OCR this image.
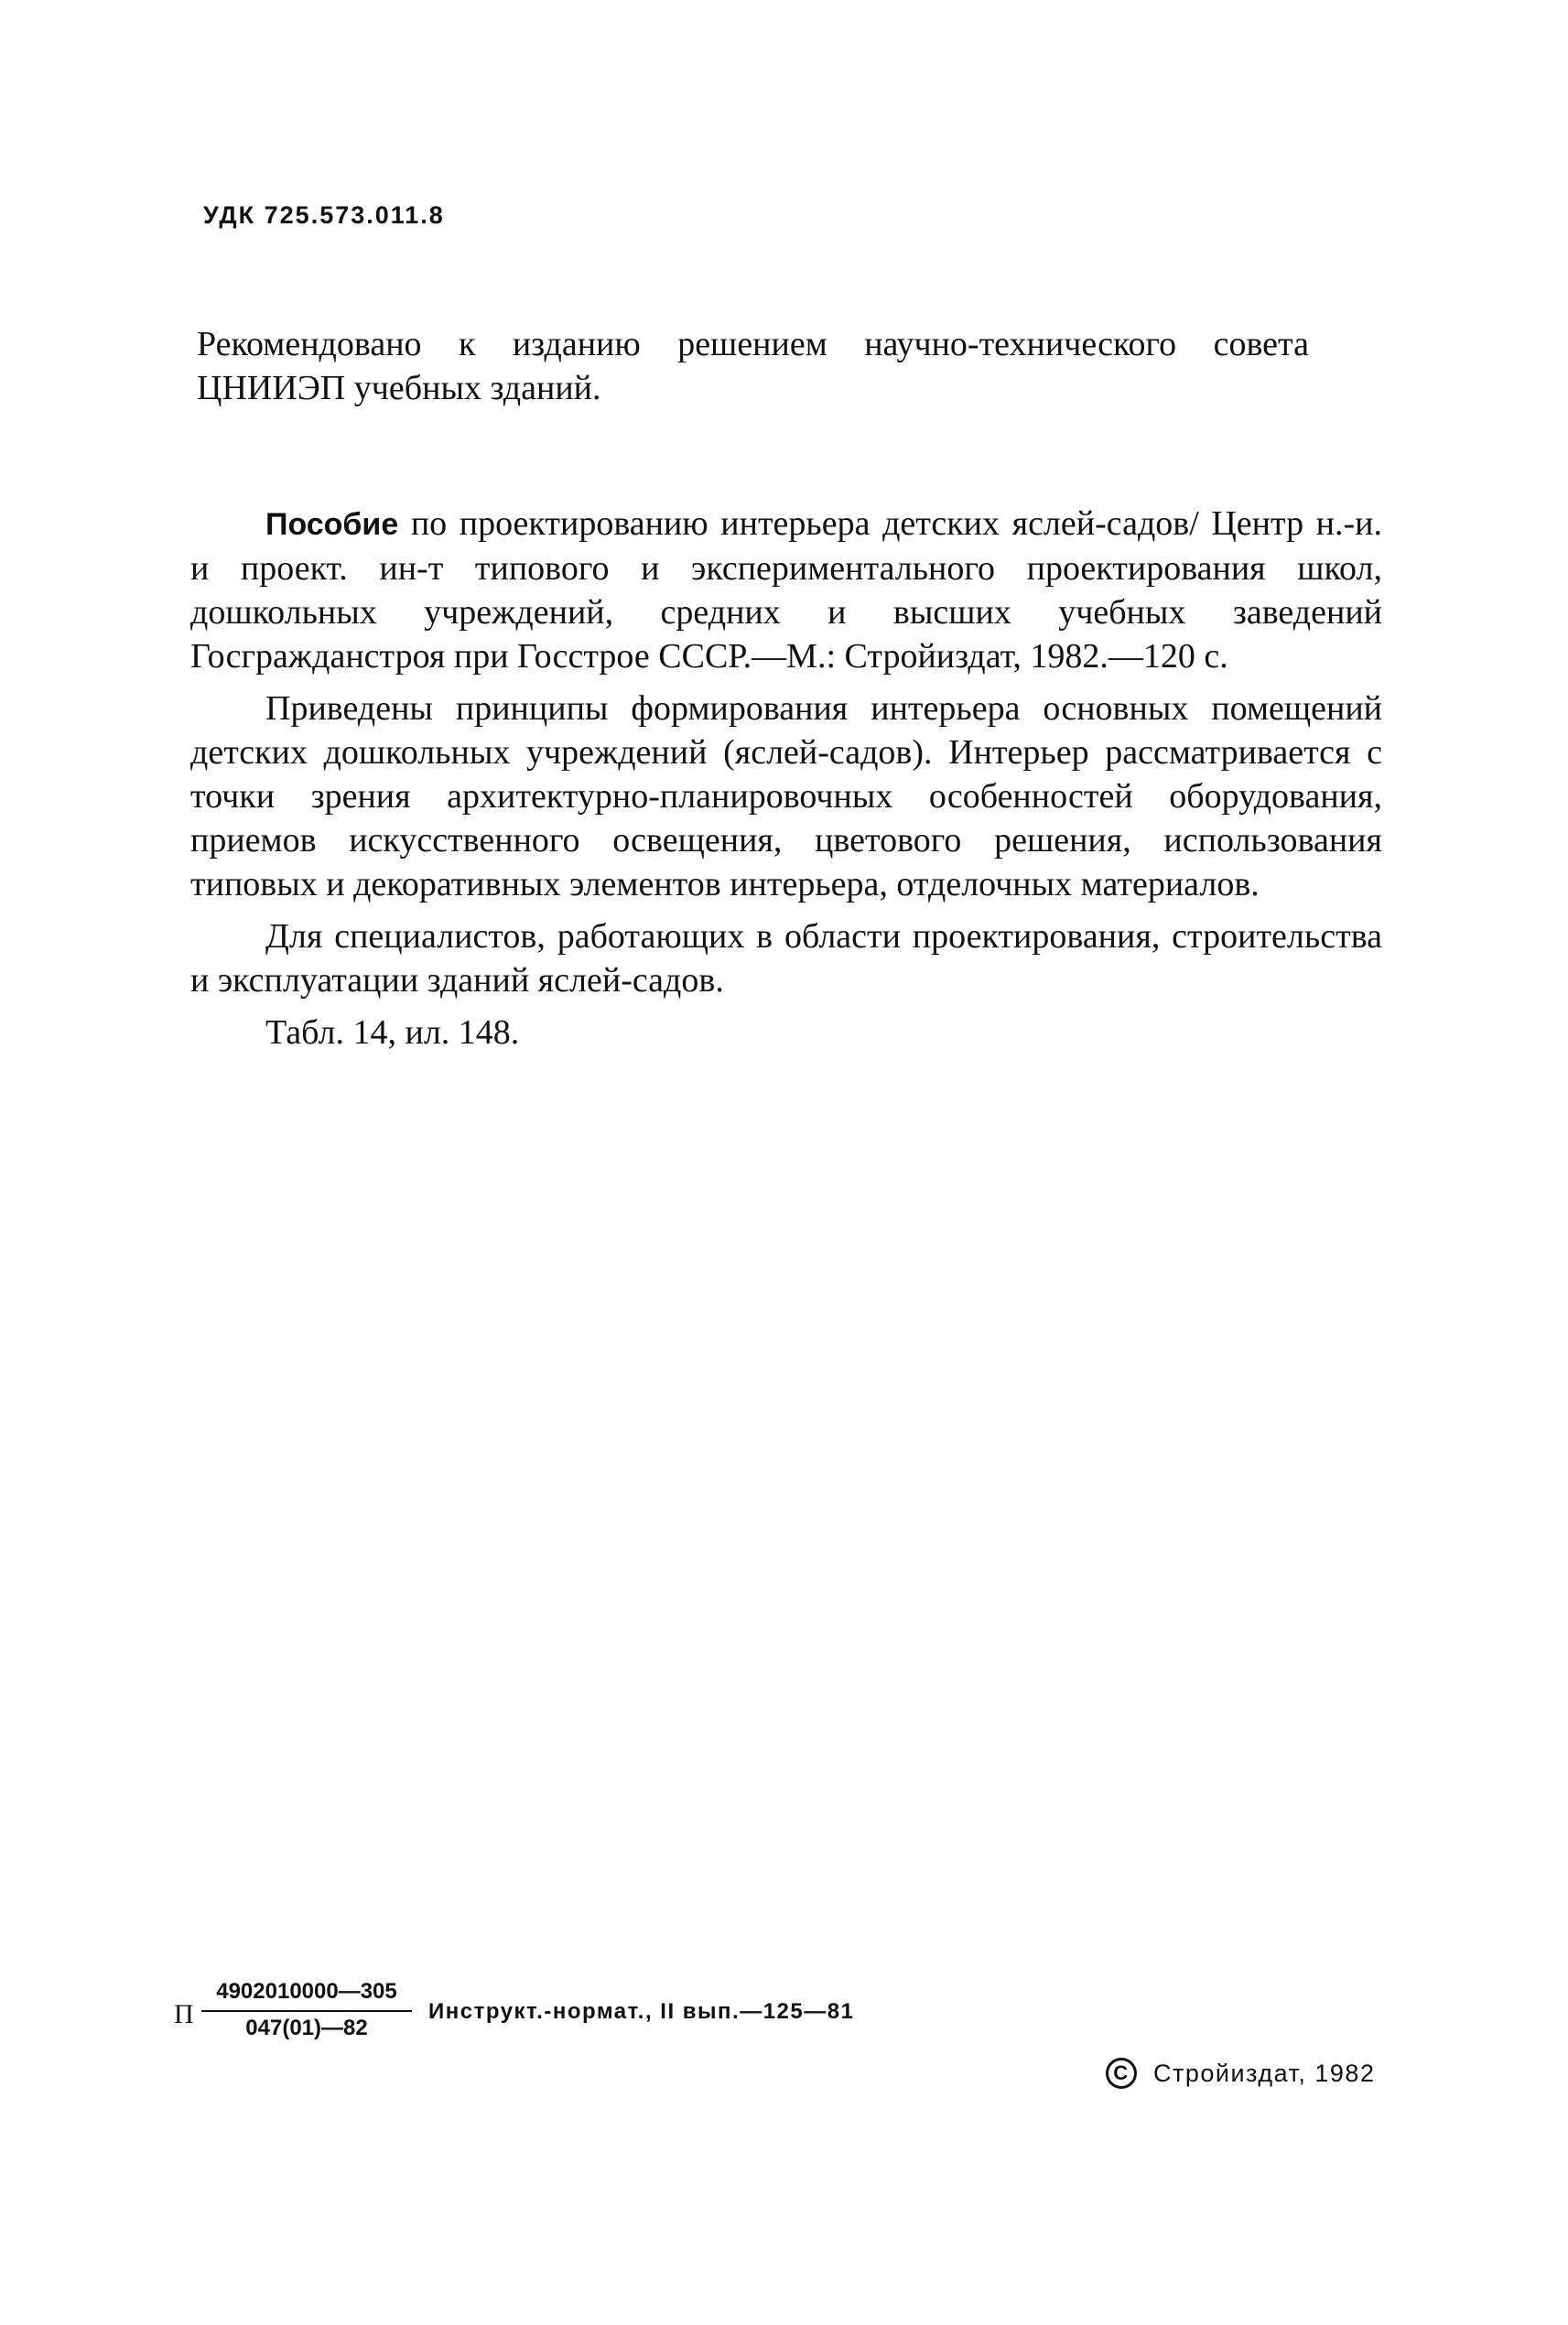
УДК 725.573.011.8
Рекомендовано к изданию решением научно-технического совета ЦНИИЭП учебных зданий.

Пособие по проектированию интерьера детских яслей-садов/ Центр н.-и. и проект. ин-т типового и экспериментального проектирования школ, дошкольных учреждений, средних и высших учебных заведений Госгражданстроя при Госстрое СССР.—М.: Стройиздат, 1982.—120 с.

Приведены принципы формирования интерьера основных помещений детских дошкольных учреждений (яслей-садов). Интерьер рассматривается с точки зрения архитектурно-планировочных особенностей оборудования, приемов искусственного освещения, цветового решения, использования типовых и декоративных элементов интерьера, отделочных материалов.

Для специалистов, работающих в области проектирования, строительства и эксплуатации зданий яслей-садов.

Табл. 14, ил. 148.

П $\frac{4902010000—305}{047(01)—82}$ Инструкт.-нормат., II вып.—125—81
C Стройиздат, 1982
